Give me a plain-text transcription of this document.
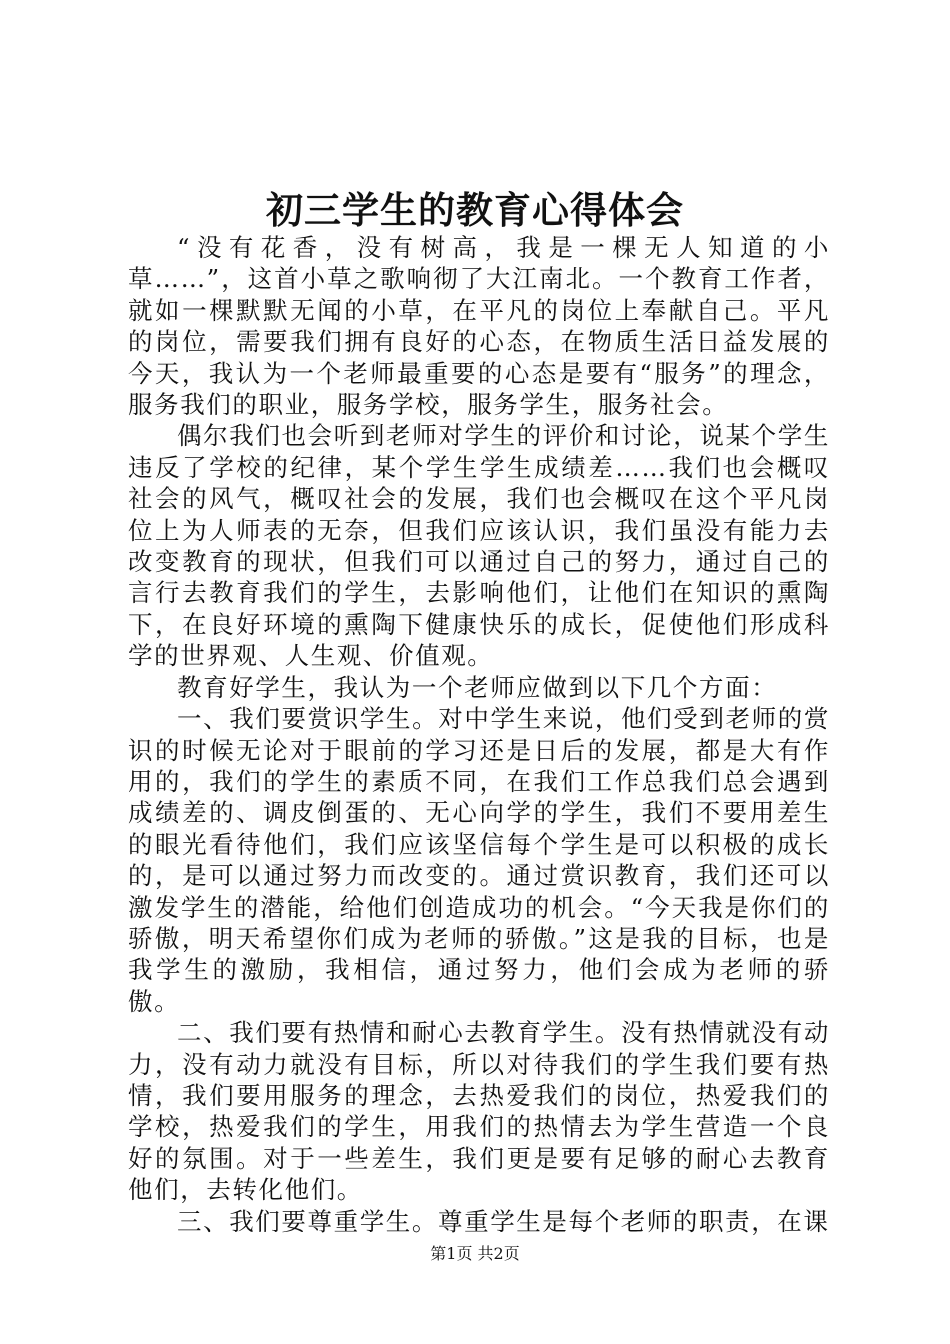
初三学生的教育心得体会

“没有花香，没有树高，我是一棵无人知道的小草……”，这首小草之歌响彻了大江南北。一个教育工作者，就如一棵默默无闻的小草，在平凡的岗位上奉献自己。平凡的岗位，需要我们拥有良好的心态，在物质生活日益发展的今天，我认为一个老师最重要的心态是要有“服务”的理念，服务我们的职业，服务学校，服务学生，服务社会。

偶尔我们也会听到老师对学生的评价和讨论，说某个学生违反了学校的纪律，某个学生学生成绩差……我们也会概叹社会的风气，概叹社会的发展，我们也会概叹在这个平凡岗位上为人师表的无奈，但我们应该认识，我们虽没有能力去改变教育的现状，但我们可以通过自己的努力，通过自己的言行去教育我们的学生，去影响他们，让他们在知识的熏陶下，在良好环境的熏陶下健康快乐的成长，促使他们形成科学的世界观、人生观、价值观。

教育好学生，我认为一个老师应做到以下几个方面：

一、我们要赏识学生。对中学生来说，他们受到老师的赏识的时候无论对于眼前的学习还是日后的发展，都是大有作用的，我们的学生的素质不同，在我们工作总我们总会遇到成绩差的、调皮倒蛋的、无心向学的学生，我们不要用差生的眼光看待他们，我们应该坚信每个学生是可以积极的成长的，是可以通过努力而改变的。通过赏识教育，我们还可以激发学生的潜能，给他们创造成功的机会。“今天我是你们的骄傲，明天希望你们成为老师的骄傲。”这是我的目标，也是我学生的激励，我相信，通过努力，他们会成为老师的骄傲。

二、我们要有热情和耐心去教育学生。没有热情就没有动力，没有动力就没有目标，所以对待我们的学生我们要有热情，我们要用服务的理念，去热爱我们的岗位，热爱我们的学校，热爱我们的学生，用我们的热情去为学生营造一个良好的氛围。对于一些差生，我们更是要有足够的耐心去教育他们，去转化他们。

三、我们要尊重学生。尊重学生是每个老师的职责，在课

第1页 共2页
